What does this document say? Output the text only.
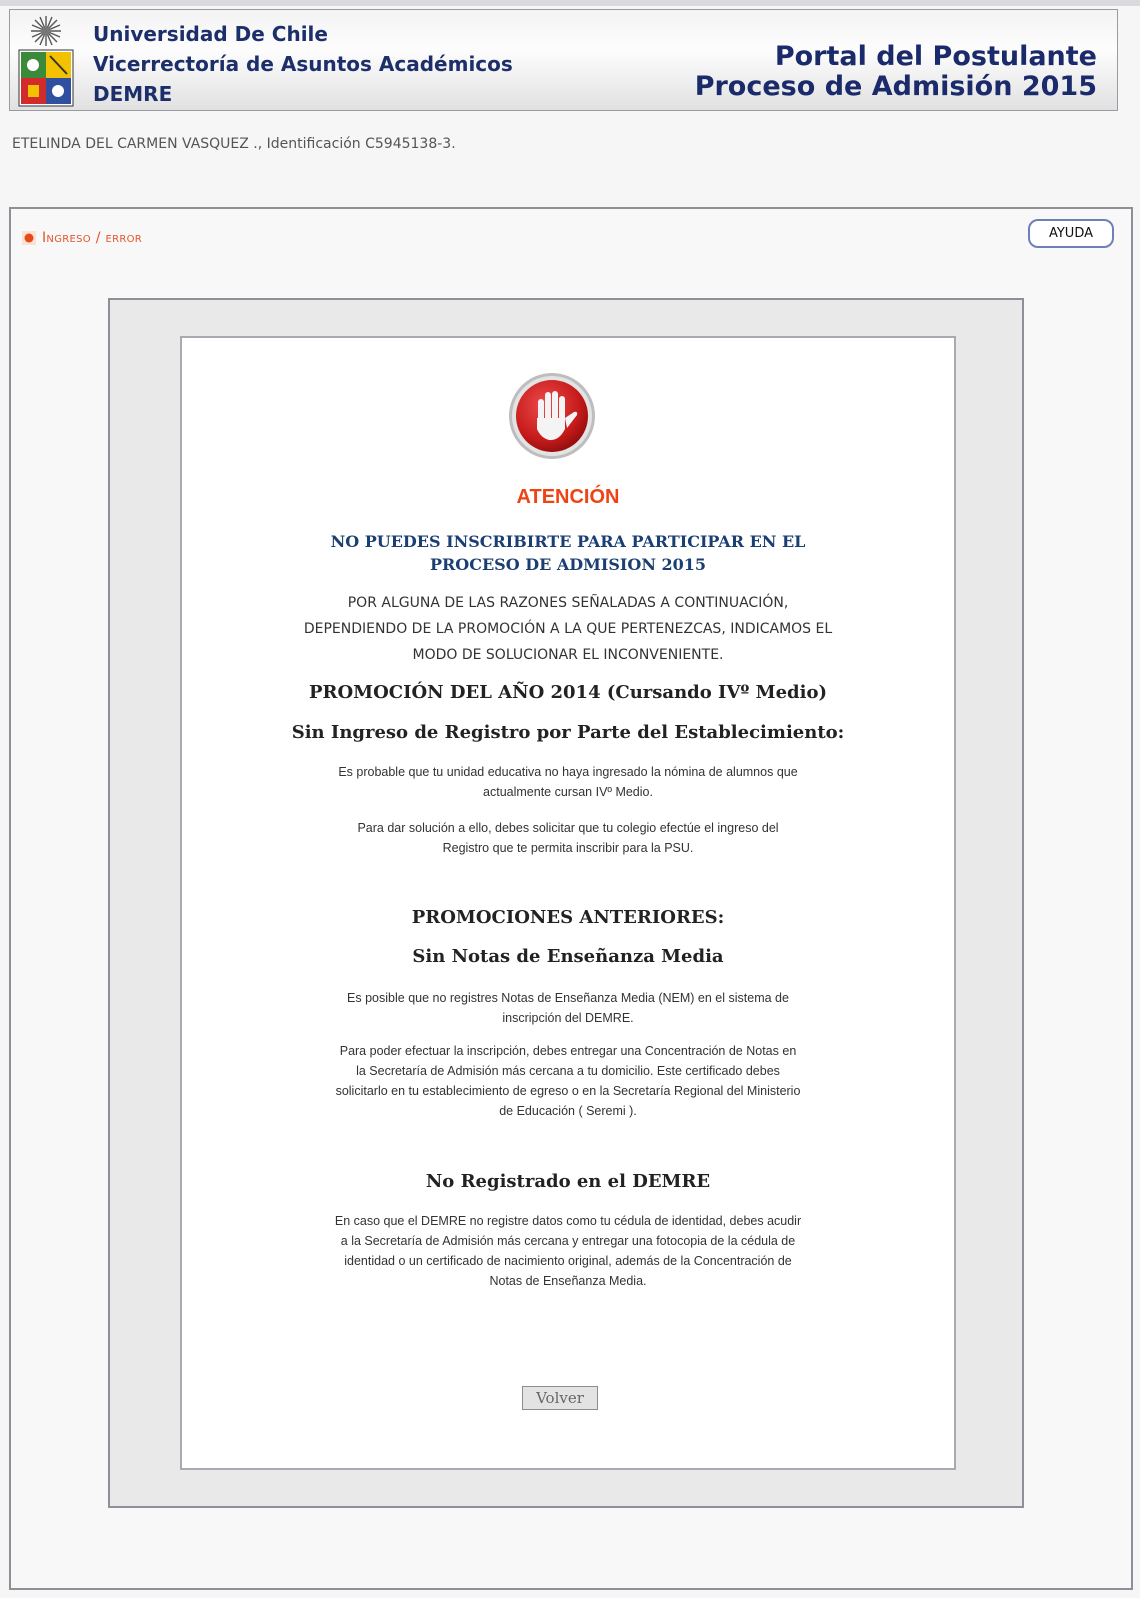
Universidad De Chile
Vicerrectoría de Asuntos Académicos
DEMRE
Portal del Postulante
Proceso de Admisión 2015
ETELINDA DEL CARMEN VASQUEZ ., Identificación C5945138-3.
Ingreso / error	AYUDA
ATENCIÓN
NO PUEDES INSCRIBIRTE PARA PARTICIPAR EN EL
PROCESO DE ADMISION 2015
POR ALGUNA DE LAS RAZONES SEÑALADAS A CONTINUACIÓN,
DEPENDIENDO DE LA PROMOCIÓN A LA QUE PERTENEZCAS, INDICAMOS EL
MODO DE SOLUCIONAR EL INCONVENIENTE.
PROMOCIÓN DEL AÑO 2014 (Cursando IVº Medio)
Sin Ingreso de Registro por Parte del Establecimiento:
Es probable que tu unidad educativa no haya ingresado la nómina de alumnos que
actualmente cursan IVº Medio.
Para dar solución a ello, debes solicitar que tu colegio efectúe el ingreso del
Registro que te permita inscribir para la PSU.
PROMOCIONES ANTERIORES:
Sin Notas de Enseñanza Media
Es posible que no registres Notas de Enseñanza Media (NEM) en el sistema de
inscripción del DEMRE.
Para poder efectuar la inscripción, debes entregar una Concentración de Notas en
la Secretaría de Admisión más cercana a tu domicilio. Este certificado debes
solicitarlo en tu establecimiento de egreso o en la Secretaría Regional del Ministerio
de Educación ( Seremi ).
No Registrado en el DEMRE
En caso que el DEMRE no registre datos como tu cédula de identidad, debes acudir
a la Secretaría de Admisión más cercana y entregar una fotocopia de la cédula de
identidad o un certificado de nacimiento original, además de la Concentración de
Notas de Enseñanza Media.
Volver
